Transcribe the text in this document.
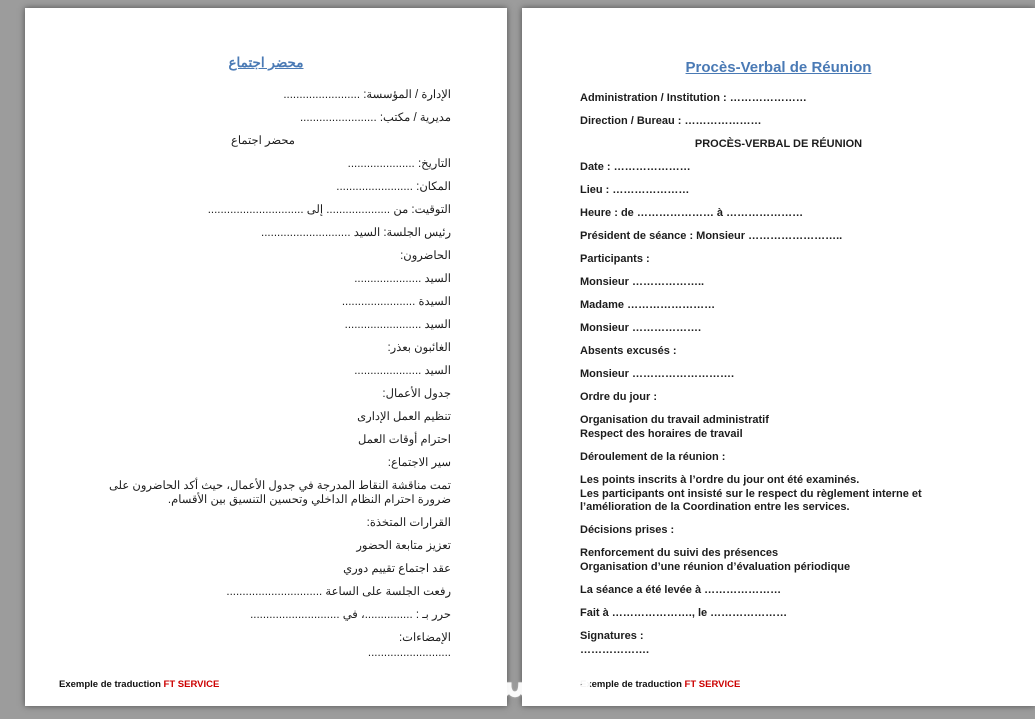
محضر اجتماع
الإدارة / المؤسسة: ........................
مديرية / مكتب: ........................
محضر اجتماع
التاريخ: .....................
المكان: ........................
التوقيت: من .................... إلى ..............................
رئيس الجلسة: السيد ............................
الحاضرون:
السيد .....................
السيدة .......................
السيد ........................
الغائبون بعذر:
السيد .....................
جدول الأعمال:
تنظيم العمل الإدارى
احترام أوقات العمل
سير الاجتماع:
تمت مناقشة النقاط المدرجة في جدول الأعمال، حيث أكد الحاضرون على ضرورة احترام النظام الداخلي وتحسين التنسيق بين الأقسام.
القرارات المتخذة:
تعزيز متابعة الحضور
عقد اجتماع تقييم دوري
رفعت الجلسة على الساعة ..............................
حرر بـ : ...............، في ............................
الإمضاءات:
..........................
Exemple de traduction FT SERVICE
Procès-Verbal de Réunion
Administration / Institution : …………………
Direction / Bureau : …………………
PROCÈS-VERBAL DE RÉUNION
Date : …………………
Lieu : …………………
Heure : de ………………… à …………………
Président de séance : Monsieur ……………………..
Participants :
Monsieur ………………..
Madame ……………………
Monsieur ……………….
Absents excusés :
Monsieur ……………………….
Ordre du jour :
Organisation du travail administratif
Respect des horaires de travail
Déroulement de la réunion :
Les points inscrits à l’ordre du jour ont été examinés.
Les participants ont insisté sur le respect du règlement interne et l’amélioration de la Coordination entre les services.
Décisions prises :
Renforcement du suivi des présences
Organisation d’une réunion d’évaluation périodique
La séance a été levée à …………………
Fait à …………………., le …………………
Signatures :
……………….
Exemple de traduction FT SERVICE
خمسات
